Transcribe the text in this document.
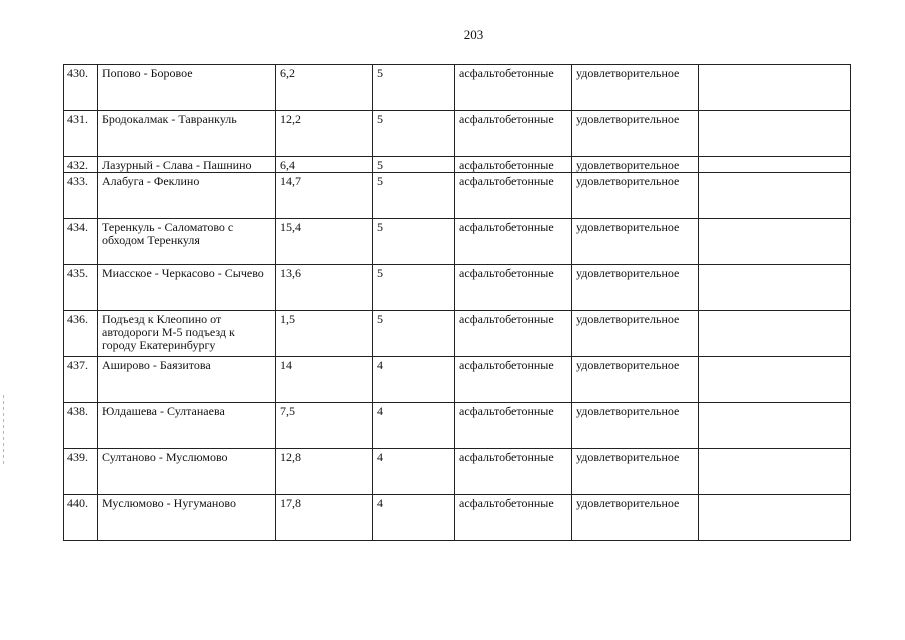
203
430.	Попово - Боровое	6,2	5	асфальтобетонные	удовлетворительное	
431.	Бродокалмак - Тавранкуль	12,2	5	асфальтобетонные	удовлетворительное	
432.	Лазурный - Слава - Пашнино	6,4	5	асфальтобетонные	удовлетворительное	
433.	Алабуга - Феклино	14,7	5	асфальтобетонные	удовлетворительное	
434.	Теренкуль - Саломатово с обходом Теренкуля	15,4	5	асфальтобетонные	удовлетворительное	
435.	Миасское - Черкасово - Сычево	13,6	5	асфальтобетонные	удовлетворительное	
436.	Подъезд к Клеопино от автодороги М-5 подъезд к городу Екатеринбургу	1,5	5	асфальтобетонные	удовлетворительное	
437.	Аширово - Баязитова	14	4	асфальтобетонные	удовлетворительное	
438.	Юлдашева - Султанаева	7,5	4	асфальтобетонные	удовлетворительное	
439.	Султаново - Муслюмово	12,8	4	асфальтобетонные	удовлетворительное	
440.	Муслюмово - Нугуманово	17,8	4	асфальтобетонные	удовлетворительное	
